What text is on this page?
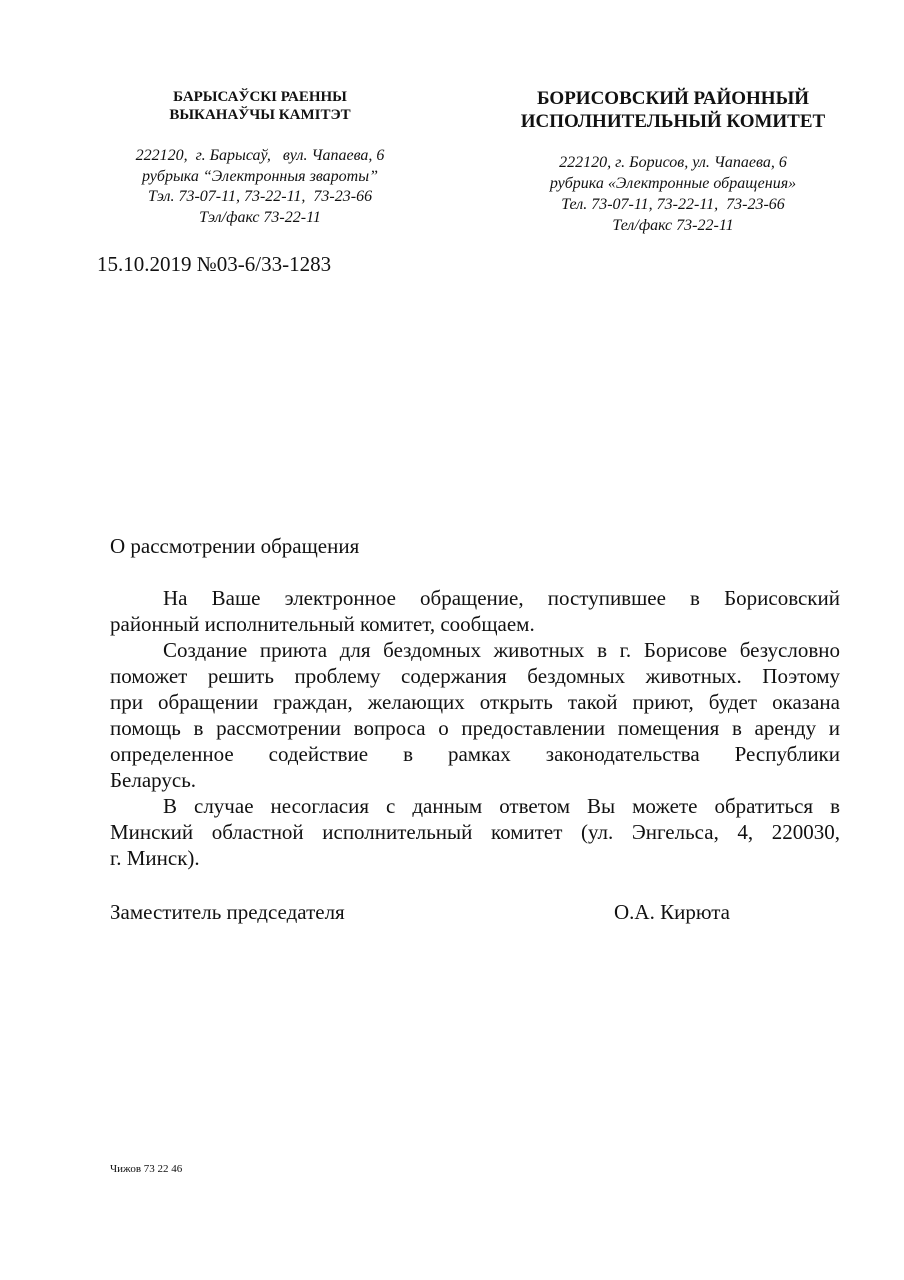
БАРЫСАЎСКІ РАЕННЫ
ВЫКАНАЎЧЫ КАМІТЭТ
222120,  г. Барысаў,   вул. Чапаева, 6
рубрыка “Электронныя звароты”
Тэл. 73-07-11, 73-22-11,  73-23-66
Тэл/факс 73-22-11
БОРИСОВСКИЙ РАЙОННЫЙ
ИСПОЛНИТЕЛЬНЫЙ КОМИТЕТ
222120, г. Борисов, ул. Чапаева, 6
рубрика «Электронные обращения»
Тел. 73-07-11, 73-22-11,  73-23-66
Тел/факс 73-22-11
15.10.2019 №03-6/33-1283
О рассмотрении обращения
На Ваше электронное обращение, поступившее в Борисовский
районный исполнительный комитет, сообщаем.
Создание приюта для бездомных животных в г. Борисове безусловно
поможет решить проблему содержания бездомных животных. Поэтому
при обращении граждан, желающих открыть такой приют, будет оказана
помощь в рассмотрении вопроса о предоставлении помещения в аренду и
определенное содействие в рамках законодательства Республики
Беларусь.
В случае несогласия с данным ответом Вы можете обратиться в
Минский областной исполнительный комитет (ул. Энгельса, 4, 220030,
г. Минск).
Заместитель председателя	О.А. Кирюта
Чижов 73 22 46
